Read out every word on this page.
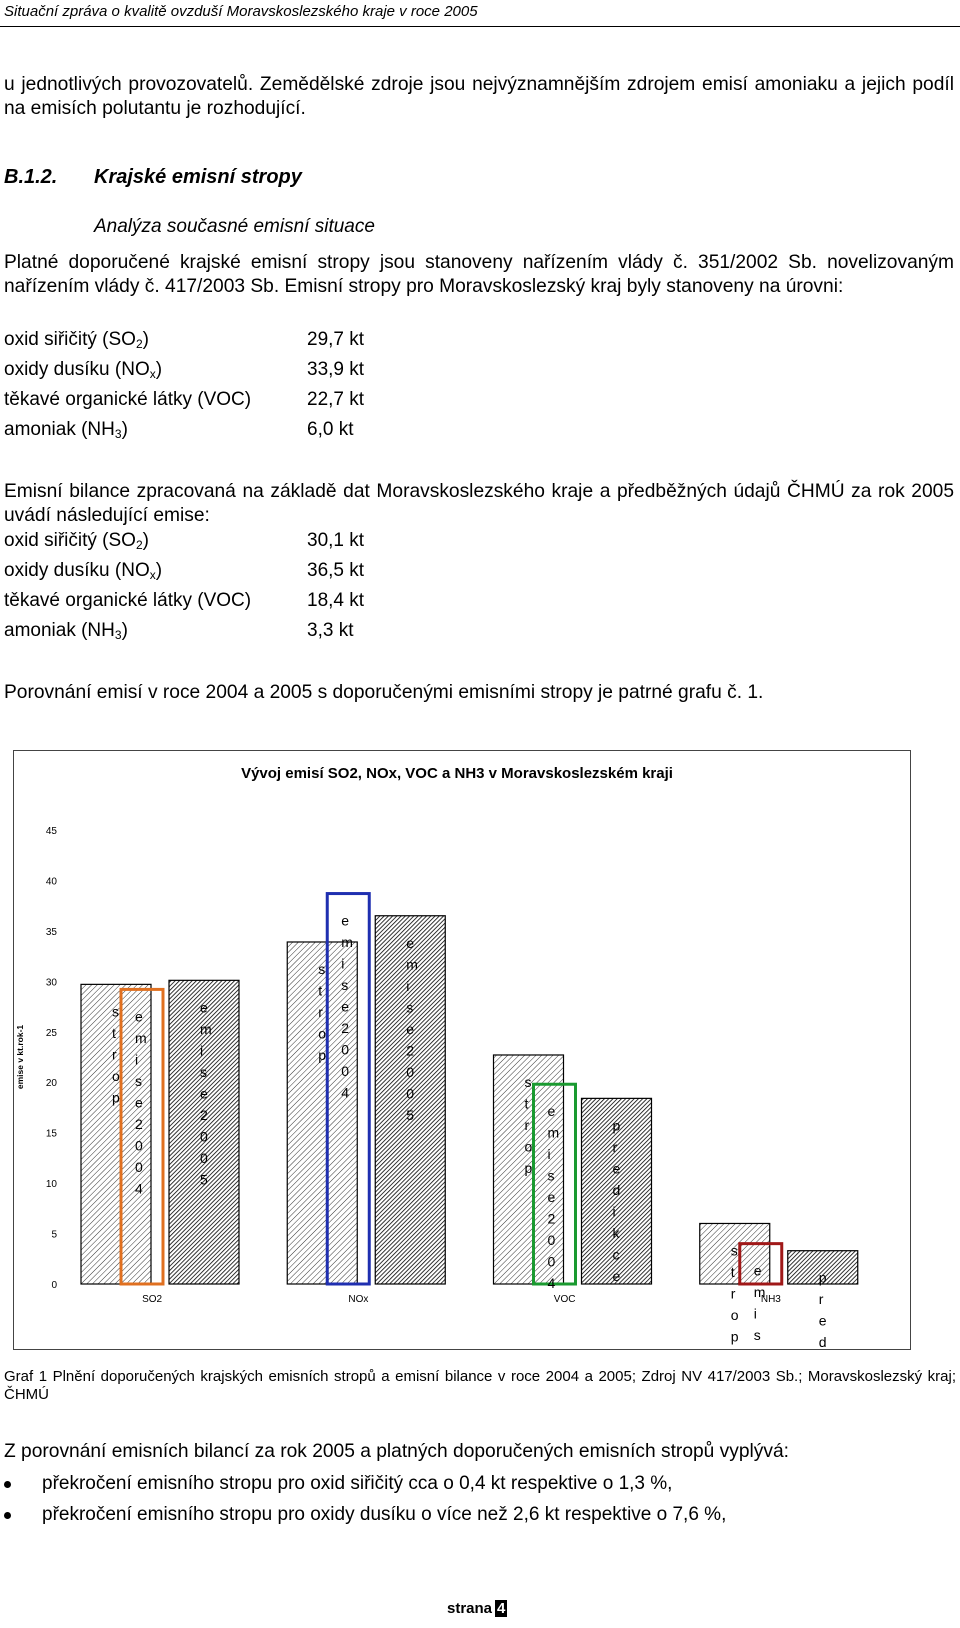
Situační zpráva o kvalitě ovzduší Moravskoslezského kraje v roce 2005
u jednotlivých provozovatelů. Zemědělské zdroje jsou nejvýznamnějším zdrojem emisí amoniaku a jejich podíl na emisích polutantu je rozhodující.
B.1.2. Krajské emisní stropy
Analýza současné emisní situace
Platné doporučené krajské emisní stropy jsou stanoveny nařízením vlády č. 351/2002 Sb. novelizovaným nařízením vlády č. 417/2003 Sb. Emisní stropy pro Moravskoslezský kraj byly stanoveny na úrovni:
oxid siřičitý $(SO_2)$	29,7 kt
oxidy dusíku $(NO_x)$	33,9 kt
těkavé organické látky (VOC)	22,7 kt
amoniak $(NH_3)$	6,0 kt
Emisní bilance zpracovaná na základě dat Moravskoslezského kraje a předběžných údajů ČHMÚ za rok 2005 uvádí následující emise:
oxid siřičitý $(SO_2)$	30,1 kt
oxidy dusíku $(NO_x)$	36,5 kt
těkavé organické látky (VOC)	18,4 kt
amoniak $(NH_3)$	3,3 kt
Porovnání emisí v roce 2004 a 2005 s doporučenými emisními stropy je patrné grafu č. 1.
Vývoj emisí SO2, NOx, VOC a NH3 v Moravskoslezském kraji
emise v kt.rok-1
0
5
10
15
20
25
30
35
40
45
s t r o p
e m i s e 2 0 0 4
e m i s e 2 0 0 5
SO2
s t r o p
e m i s e 2 0 0 4
e m i s e 2 0 0 5
NOx
s t r o p
e m i s e 2 0 0 4
p r e d i k c e
VOC
s t r o p
e m i s
p r e d
NH3
Graf 1 Plnění doporučených krajských emisních stropů a emisní bilance v roce 2004 a 2005; Zdroj NV 417/2003 Sb.; Moravskoslezský kraj; ČHMÚ
Z porovnání emisních bilancí za rok 2005 a platných doporučených emisních stropů vyplývá:
překročení emisního stropu pro oxid siřičitý cca o 0,4 kt respektive o 1,3 %,
překročení emisního stropu pro oxidy dusíku o více než 2,6 kt respektive o 7,6 %,
strana 4
